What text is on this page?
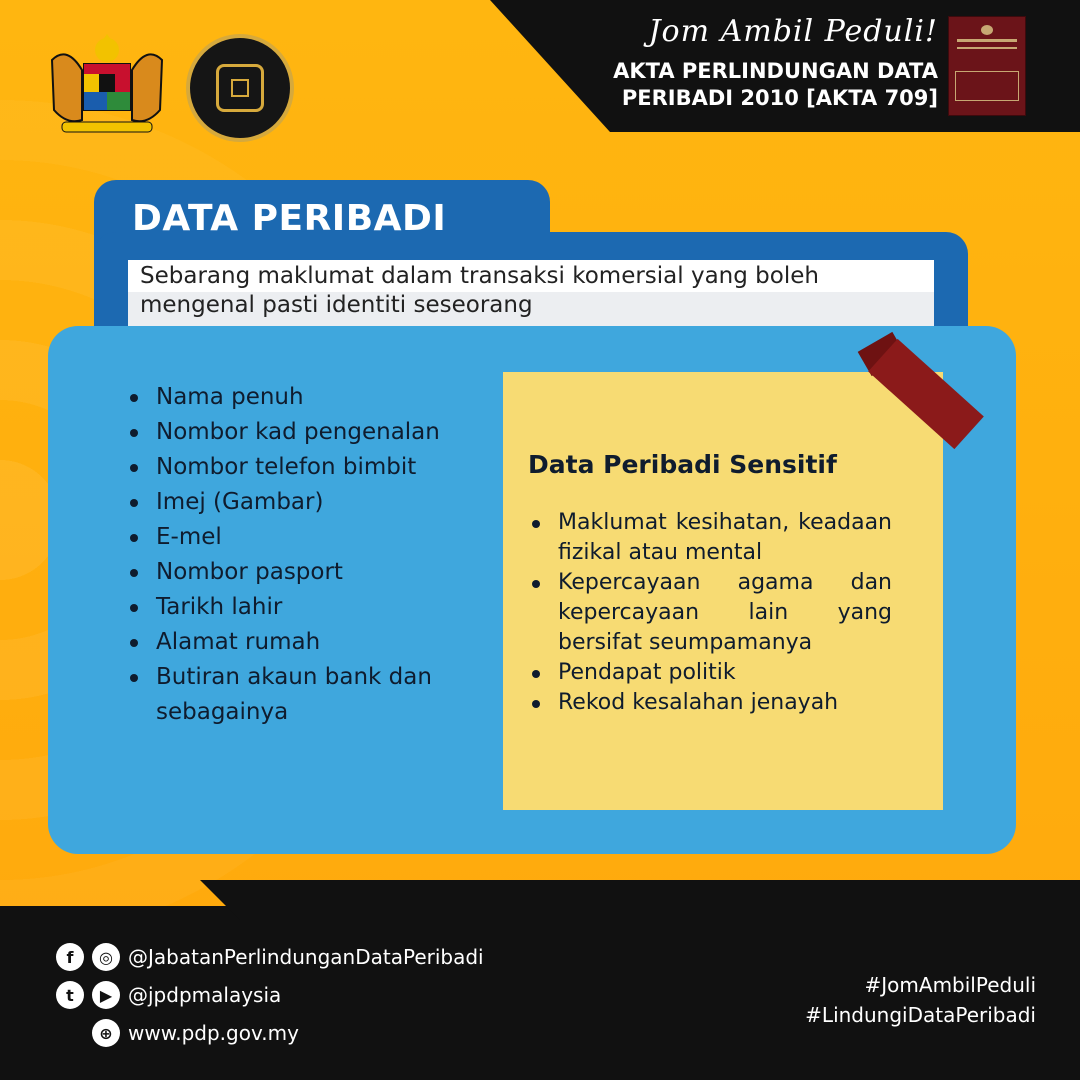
Jom Ambil Peduli!
AKTA PERLINDUNGAN DATA
PERIBADI 2010 [AKTA 709]
DATA PERIBADI
Sebarang maklumat dalam transaksi komersial yang boleh mengenal pasti identiti seseorang
Nama penuh
Nombor kad pengenalan
Nombor telefon bimbit
Imej (Gambar)
E-mel
Nombor pasport
Tarikh lahir
Alamat rumah
Butiran akaun bank dan sebagainya
Data Peribadi Sensitif
Maklumat kesihatan, keadaan fizikal atau mental
Kepercayaan agama dan kepercayaan lain yang bersifat seumpamanya
Pendapat politik
Rekod kesalahan jenayah
f	◎ @JabatanPerlindunganDataPeribadi
t	▶ @jpdpmalaysia
⊕ www.pdp.gov.my
#JomAmbilPeduli
#LindungiDataPeribadi
